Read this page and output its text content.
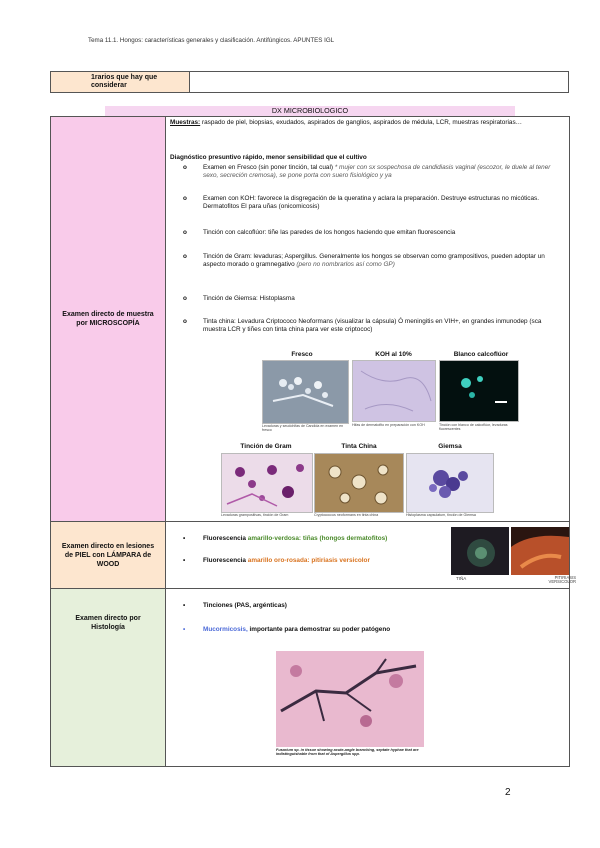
Tema 11.1. Hongos: características generales y clasificación. Antifúngicos. APUNTES IGL
1rarios que hay que considerar
DX MICROBIOLOGICO
Examen directo de muestra por MICROSCOPÍA
Muestras: raspado de piel, biopsias, exudados, aspirados de ganglios, aspirados de médula, LCR, muestras respiratorias…
Diagnóstico presuntivo rápido, menor sensibilidad que el cultivo
o	Examen en Fresco (sin poner tinción, tal cual) * mujer con sx sospechosa de candidiasis vaginal (escozor, le duele al tener sexo, secreción cremosa), se pone porta con suero fisiológico y ya
o	Examen con KOH: favorece la disgregación de la queratina y aclara la preparación. Destruye estructuras no micóticas. Dermatofitos El para uñas (onicomicosis)
o	Tinción con calcoflúor: tiñe las paredes de los hongos haciendo que emitan fluorescencia
o	Tinción de Gram: levaduras; Aspergillus. Generalmente los hongos se observan como grampositivos, pueden adoptar un aspecto morado o gramnegativo (pero no nombrarlos así como GP)
o	Tinción de Giemsa: Histoplasma
o	Tinta china: Levadura Criptococo Neoformans (visualizar la cápsula) Ó meningitis en VIH+, en grandes inmunodep (sca muestra LCR y tiñes con tinta china para ver este criptococ)
Fresco
Levaduras y seudohifas de Candida en examen en fresco
KOH al 10%
Hifas de dermatofito en preparación con KOH
Blanco calcoflúor
Tinción con blanco de calcoflúor, levaduras fluorescentes
Tinción de Gram
Levaduras grampositivas, tinción de Gram
Tinta China
Cryptococcus neoformans en tinta china
Giemsa
Histoplasma capsulatum, tinción de Giemsa
Examen directo en lesiones de PIEL con LÁMPARA de WOOD
•	Fluorescencia amarillo-verdosa: tiñas (hongos dermatofitos)
•	Fluorescencia amarillo oro-rosada: pitiriasis versicolor
TIÑA	PITIRIASIS VERSICOLOR
Examen directo por Histología
•	Tinciones (PAS, argénticas)
•	Mucormicosis, importante para demostrar su poder patógeno
Fusarium sp. in tissue showing acute-angle branching, septate hyphae that are indistinguishable from that of Aspergillus spp.
2
